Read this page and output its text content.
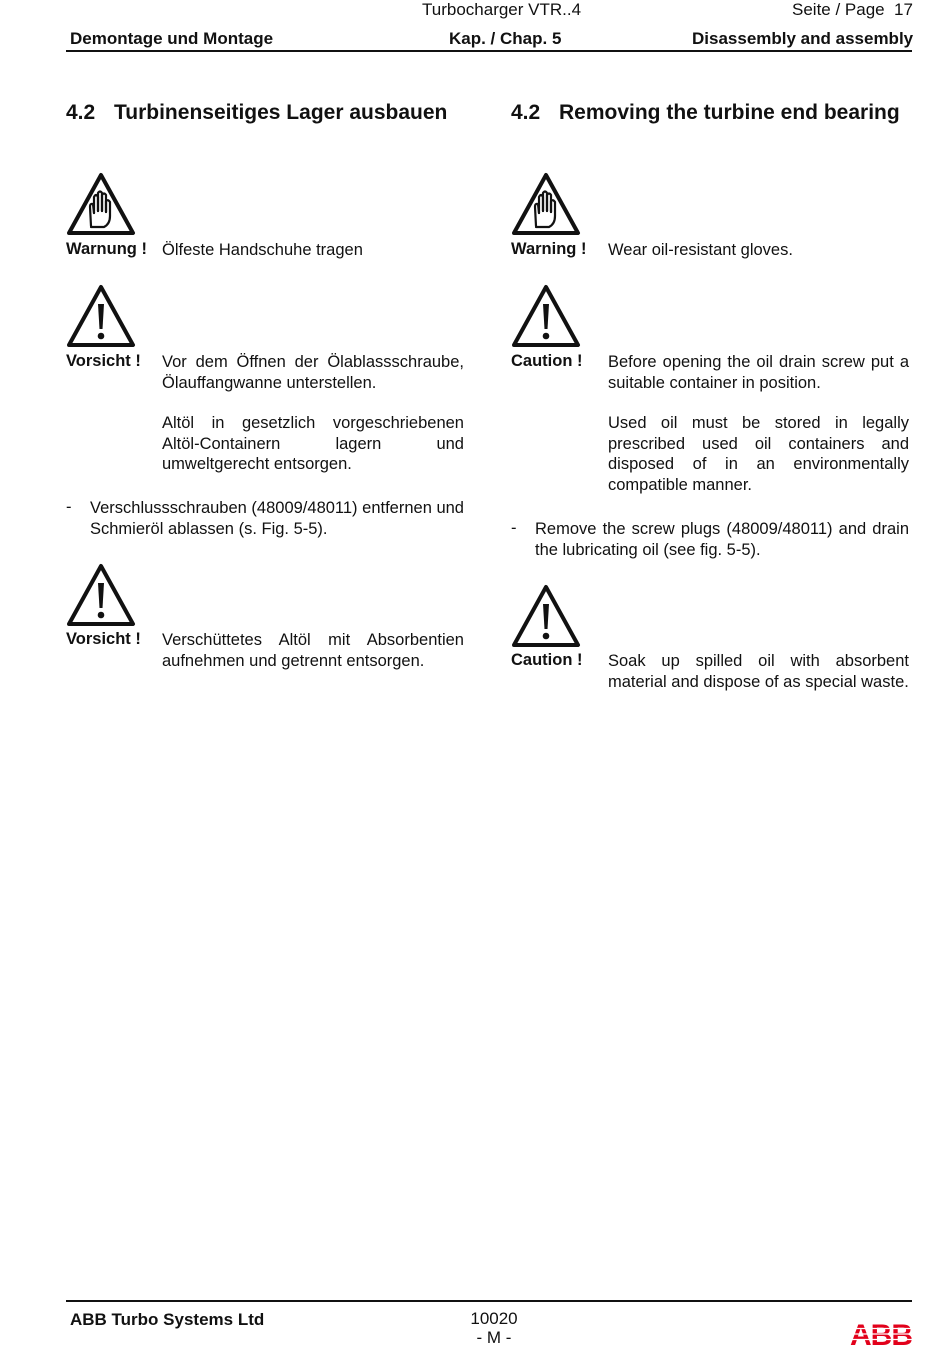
Turbocharger VTR..4	Seite / Page 17
Demontage und Montage	Kap. / Chap. 5	Disassembly and assembly
4.2 Turbinenseitiges Lager ausbauen	4.2 Removing the turbine end bearing
Warnung ! Ölfeste Handschuhe tragen
Vorsicht ! Vor dem Öffnen der Ölablassschraube, Ölauffangwanne unterstellen.
Altöl in gesetzlich vorgeschriebenen Altöl-Containern lagern und umweltgerecht entsorgen.
- Verschlussschrauben (48009/48011) entfernen und Schmieröl ablassen (s. Fig. 5-5).
Vorsicht ! Verschüttetes Altöl mit Absorbentien aufnehmen und getrennt entsorgen.
Warning ! Wear oil-resistant gloves.
Caution ! Before opening the oil drain screw put a suitable container in position.
Used oil must be stored in legally prescribed used oil containers and disposed of in an environmentally compatible manner.
- Remove the screw plugs (48009/48011) and drain the lubricating oil (see fig. 5-5).
Caution ! Soak up spilled oil with absorbent material and dispose of as special waste.
ABB Turbo Systems Ltd	10020
- M -	ABB
